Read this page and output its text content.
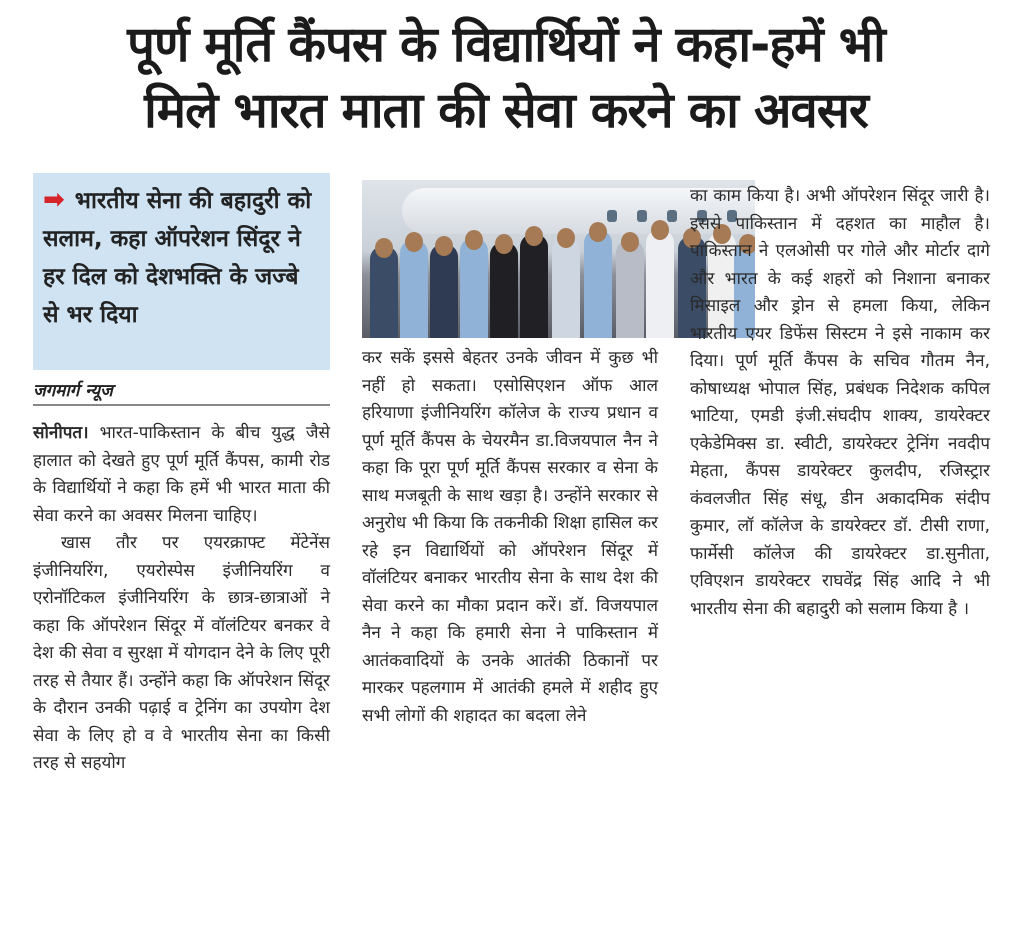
पूर्ण मूर्ति कैंपस के विद्यार्थियों ने कहा-हमें भी
मिले भारत माता की सेवा करने का अवसर
➡ भारतीय सेना की बहादुरी को सलाम, कहा ऑपरेशन सिंदूर ने हर दिल को देशभक्ति के जज्बे से भर दिया
जगमार्ग न्यूज

सोनीपत। भारत-पाकिस्तान के बीच युद्ध जैसे हालात को देखते हुए पूर्ण मूर्ति कैंपस, कामी रोड के विद्यार्थियों ने कहा कि हमें भी भारत माता की सेवा करने का अवसर मिलना चाहिए।

खास तौर पर एयरक्राफ्ट मेंटेनेंस इंजीनियरिंग, एयरोस्पेस इंजीनियरिंग व एरोनॉटिकल इंजीनियरिंग के छात्र-छात्राओं ने कहा कि ऑपरेशन सिंदूर में वॉलंटियर बनकर वे देश की सेवा व सुरक्षा में योगदान देने के लिए पूरी तरह से तैयार हैं। उन्होंने कहा कि ऑपरेशन सिंदूर के दौरान उनकी पढ़ाई व ट्रेनिंग का उपयोग देश सेवा के लिए हो व वे भारतीय सेना का किसी तरह से सहयोग

कर सकें इससे बेहतर उनके जीवन में कुछ भी नहीं हो सकता। एसोसिएशन ऑफ आल हरियाणा इंजीनियरिंग कॉलेज के राज्य प्रधान व पूर्ण मूर्ति कैंपस के चेयरमैन डा.विजयपाल नैन ने कहा कि पूरा पूर्ण मूर्ति कैंपस सरकार व सेना के साथ मजबूती के साथ खड़ा है। उन्होंने सरकार से अनुरोध भी किया कि तकनीकी शिक्षा हासिल कर रहे इन विद्यार्थियों को ऑपरेशन सिंदूर में वॉलंटियर बनाकर भारतीय सेना के साथ देश की सेवा करने का मौका प्रदान करें। डॉ. विजयपाल नैन ने कहा कि हमारी सेना ने पाकिस्तान में आतंकवादियों के उनके आतंकी ठिकानों पर मारकर पहलगाम में आतंकी हमले में शहीद हुए सभी लोगों की शहादत का बदला लेने

का काम किया है। अभी ऑपरेशन सिंदूर जारी है। इससे पाकिस्तान में दहशत का माहौल है। पाकिस्तान ने एलओसी पर गोले और मोर्टार दागे और भारत के कई शहरों को निशाना बनाकर मिसाइल और ड्रोन से हमला किया, लेकिन भारतीय एयर डिफेंस सिस्टम ने इसे नाकाम कर दिया। पूर्ण मूर्ति कैंपस के सचिव गौतम नैन, कोषाध्यक्ष भोपाल सिंह, प्रबंधक निदेशक कपिल भाटिया, एमडी इंजी.संघदीप शाक्य, डायरेक्टर एकेडेमिक्स डा. स्वीटी, डायरेक्टर ट्रेनिंग नवदीप मेहता, कैंपस डायरेक्टर कुलदीप, रजिस्ट्रार कंवलजीत सिंह संधू, डीन अकादमिक संदीप कुमार, लॉ कॉलेज के डायरेक्टर डॉ. टीसी राणा, फार्मेसी कॉलेज की डायरेक्टर डा.सुनीता, एविएशन डायरेक्टर राघवेंद्र सिंह आदि ने भी भारतीय सेना की बहादुरी को सलाम किया है ।
